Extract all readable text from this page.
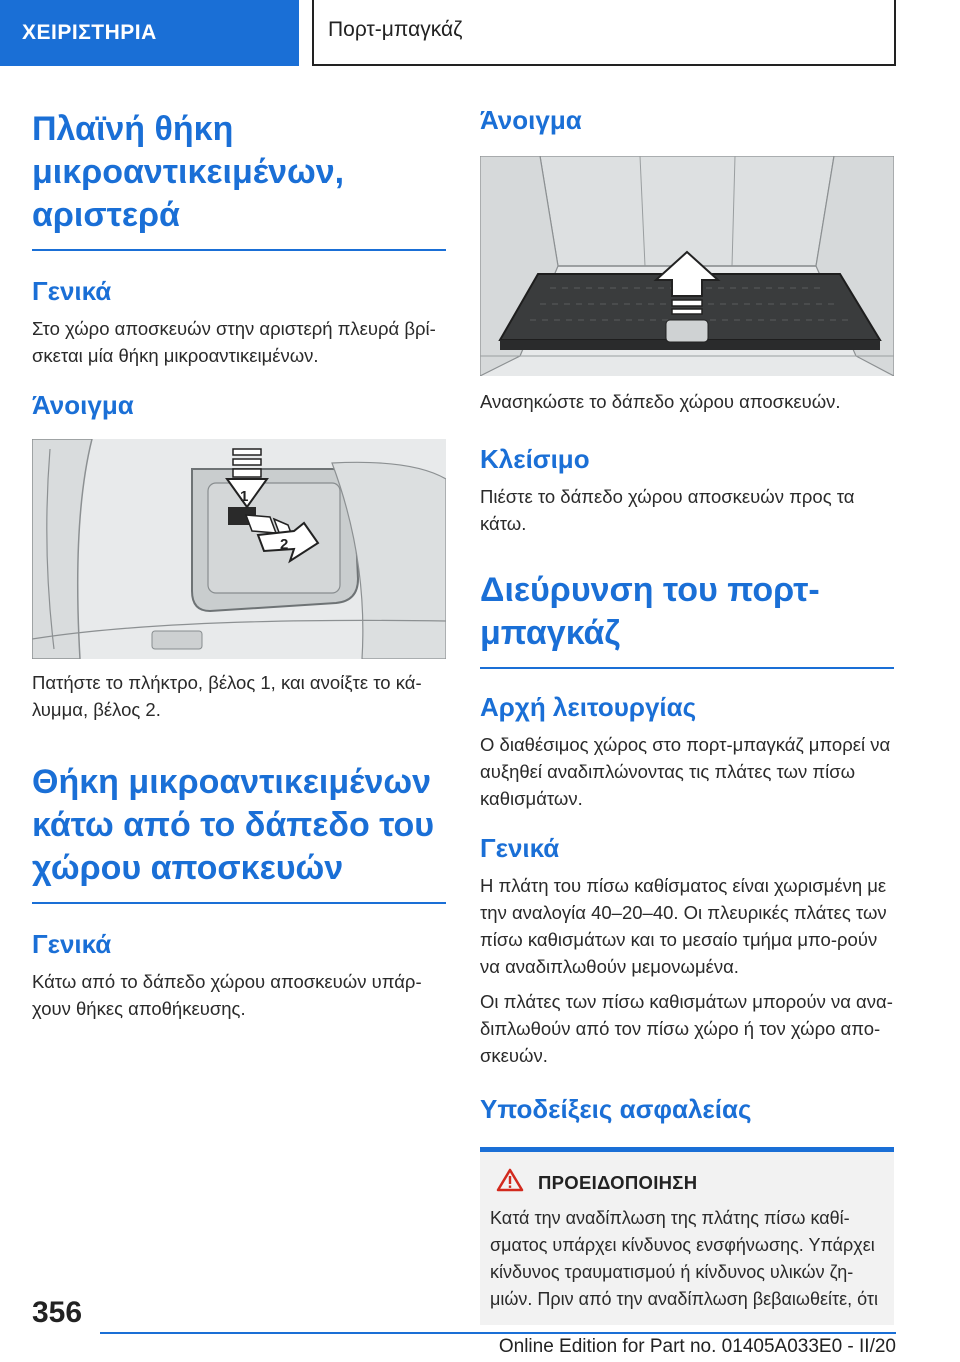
ΧΕΙΡΙΣΤΗΡΙΑ	Πορτ-μπαγκάζ
Πλαϊνή θήκη μικροαντικειμένων, αριστερά
Γενικά

Στο χώρο αποσκευών στην αριστερή πλευρά βρί-σκεται μία θήκη μικροαντικειμένων.

Άνοιγμα
1
2

Πατήστε το πλήκτρο, βέλος 1, και ανοίξτε το κά-λυμμα, βέλος 2.

Θήκη μικροαντικειμένων κάτω από το δάπεδο του χώρου αποσκευών
Γενικά

Κάτω από το δάπεδο χώρου αποσκευών υπάρ-χουν θήκες αποθήκευσης.

Άνοιγμα

Ανασηκώστε το δάπεδο χώρου αποσκευών.

Κλείσιμο

Πιέστε το δάπεδο χώρου αποσκευών προς τα κάτω.

Διεύρυνση του πορτ-μπαγκάζ
Αρχή λειτουργίας

Ο διαθέσιμος χώρος στο πορτ-μπαγκάζ μπορεί να αυξηθεί αναδιπλώνοντας τις πλάτες των πίσω καθισμάτων.

Γενικά

Η πλάτη του πίσω καθίσματος είναι χωρισμένη με την αναλογία 40–20–40. Οι πλευρικές πλάτες των πίσω καθισμάτων και το μεσαίο τμήμα μπο-ρούν να αναδιπλωθούν μεμονωμένα.

Οι πλάτες των πίσω καθισμάτων μπορούν να ανα-διπλωθούν από τον πίσω χώρο ή τον χώρο απο-σκευών.

Υποδείξεις ασφαλείας
ΠΡΟΕΙΔΟΠΟΙΗΣΗ

Κατά την αναδίπλωση της πλάτης πίσω καθί-σματος υπάρχει κίνδυνος ενσφήνωσης. Υπάρχει κίνδυνος τραυματισμού ή κίνδυνος υλικών ζη-μιών. Πριν από την αναδίπλωση βεβαιωθείτε, ότι

356
Online Edition for Part no. 01405A033E0 - II/20
